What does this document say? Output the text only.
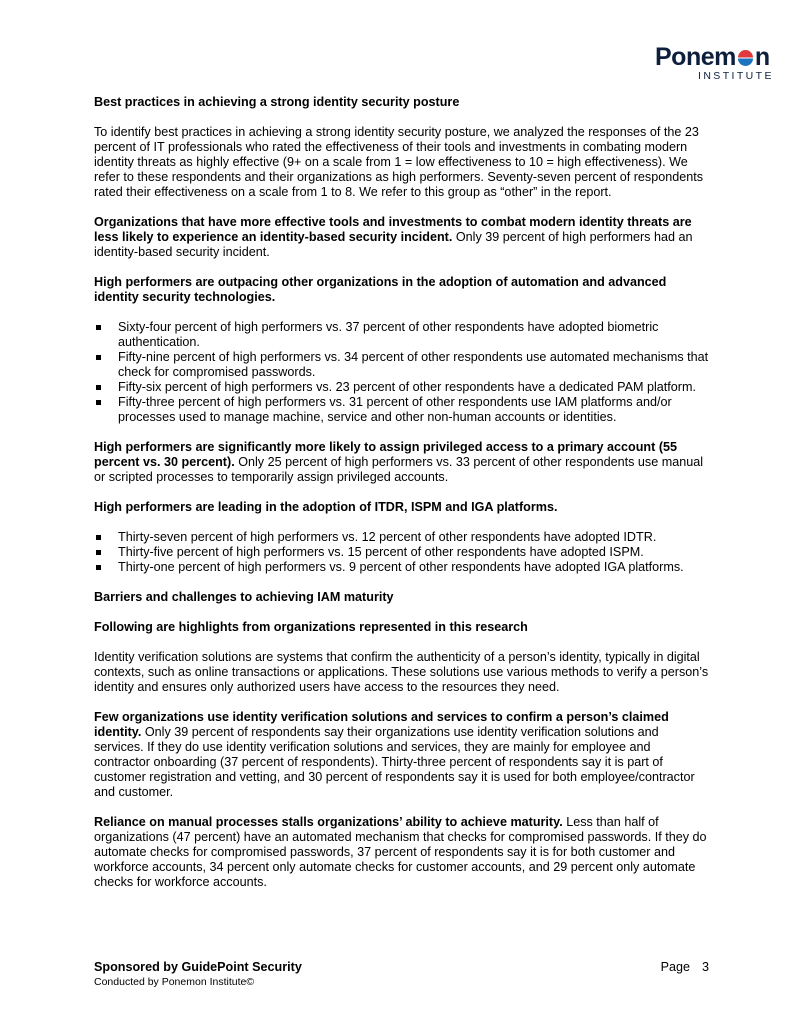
Ponem n
INSTITUTE
Best practices in achieving a strong identity security posture

To identify best practices in achieving a strong identity security posture, we analyzed the responses of the 23 percent of IT professionals who rated the effectiveness of their tools and investments in combating modern identity threats as highly effective (9+ on a scale from 1 = low effectiveness to 10 = high effectiveness). We refer to these respondents and their organizations as high performers. Seventy-seven percent of respondents rated their effectiveness on a scale from 1 to 8. We refer to this group as “other” in the report.

Organizations that have more effective tools and investments to combat modern identity threats are less likely to experience an identity-based security incident. Only 39 percent of high performers had an identity-based security incident.

High performers are outpacing other organizations in the adoption of automation and advanced identity security technologies.
Sixty-four percent of high performers vs. 37 percent of other respondents have adopted biometric authentication.
Fifty-nine percent of high performers vs. 34 percent of other respondents use automated mechanisms that check for compromised passwords.
Fifty-six percent of high performers vs. 23 percent of other respondents have a dedicated PAM platform.
Fifty-three percent of high performers vs. 31 percent of other respondents use IAM platforms and/or processes used to manage machine, service and other non-human accounts or identities.

High performers are significantly more likely to assign privileged access to a primary account (55 percent vs. 30 percent). Only 25 percent of high performers vs. 33 percent of other respondents use manual or scripted processes to temporarily assign privileged accounts.

High performers are leading in the adoption of ITDR, ISPM and IGA platforms.
Thirty-seven percent of high performers vs. 12 percent of other respondents have adopted IDTR.
Thirty-five percent of high performers vs. 15 percent of other respondents have adopted ISPM.
Thirty-one percent of high performers vs. 9 percent of other respondents have adopted IGA platforms.
Barriers and challenges to achieving IAM maturity
Following are highlights from organizations represented in this research

Identity verification solutions are systems that confirm the authenticity of a person’s identity, typically in digital contexts, such as online transactions or applications. These solutions use various methods to verify a person’s identity and ensures only authorized users have access to the resources they need.

Few organizations use identity verification solutions and services to confirm a person’s claimed identity. Only 39 percent of respondents say their organizations use identity verification solutions and services. If they do use identity verification solutions and services, they are mainly for employee and contractor onboarding (37 percent of respondents). Thirty-three percent of respondents say it is part of customer registration and vetting, and 30 percent of respondents say it is used for both employee/contractor and customer.

Reliance on manual processes stalls organizations’ ability to achieve maturity. Less than half of organizations (47 percent) have an automated mechanism that checks for compromised passwords. If they do automate checks for compromised passwords, 37 percent of respondents say it is for both customer and workforce accounts, 34 percent only automate checks for customer accounts, and 29 percent only automate checks for workforce accounts.

Sponsored by GuidePoint Security
Conducted by Ponemon Institute©
Page 3
